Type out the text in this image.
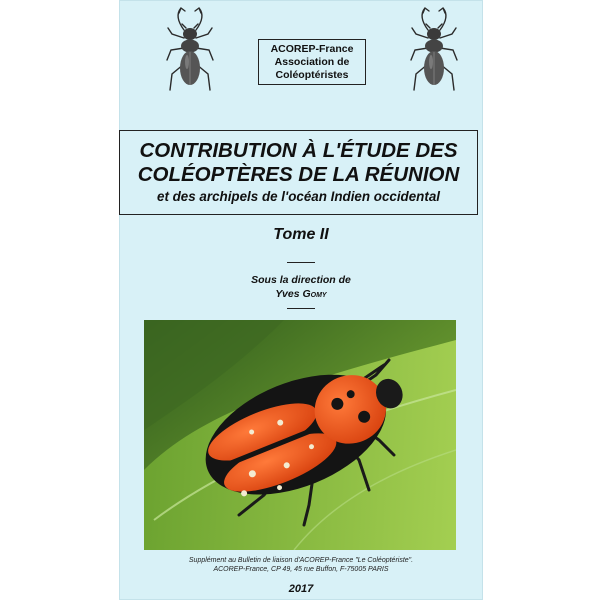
ACOREP-France
Association de
Coléoptéristes
CONTRIBUTION À L'ÉTUDE DES
COLÉOPTÈRES DE LA RÉUNION
et des archipels de l'océan Indien occidental
Tome II
Sous la direction de
Yves Gomy
Supplément au Bulletin de liaison d'ACOREP-France "Le Coléoptériste".
ACOREP-France, CP 49, 45 rue Buffon, F-75005 PARIS
2017
